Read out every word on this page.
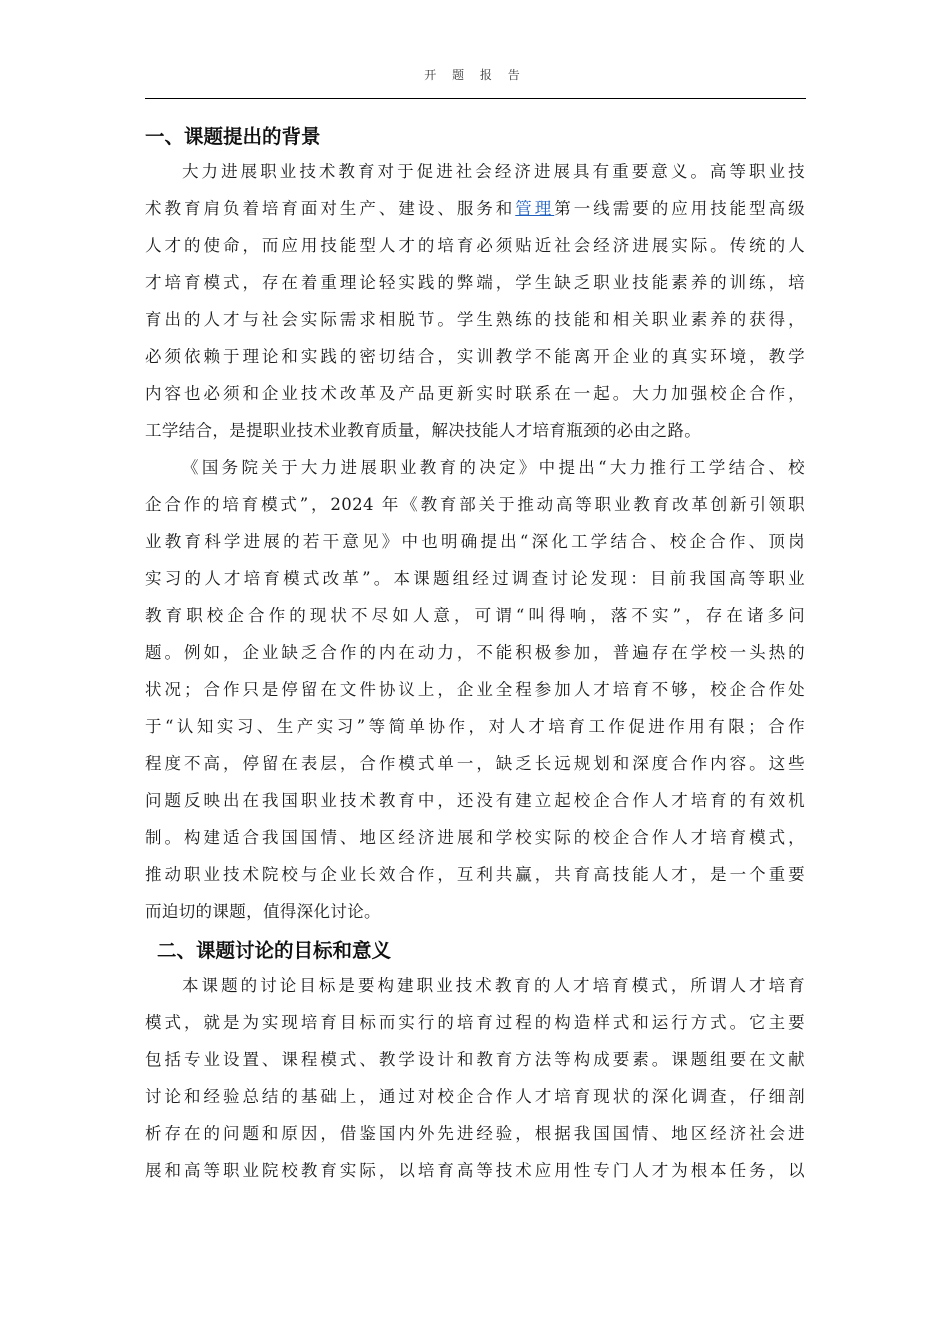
开 题 报 告
一、课题提出的背景
大力进展职业技术教育对于促进社会经济进展具有重要意义。高等职业技
术教育肩负着培育面对生产、建设、服务和管理第一线需要的应用技能型高级
人才的使命，而应用技能型人才的培育必须贴近社会经济进展实际。传统的人
才培育模式，存在着重理论轻实践的弊端，学生缺乏职业技能素养的训练，培
育出的人才与社会实际需求相脱节。学生熟练的技能和相关职业素养的获得，
必须依赖于理论和实践的密切结合，实训教学不能离开企业的真实环境，教学
内容也必须和企业技术改革及产品更新实时联系在一起。大力加强校企合作，
工学结合，是提职业技术业教育质量，解决技能人才培育瓶颈的必由之路。
《国务院关于大力进展职业教育的决定》中提出“大力推行工学结合、校
企合作的培育模式”，2024 年《教育部关于推动高等职业教育改革创新引领职
业教育科学进展的若干意见》中也明确提出“深化工学结合、校企合作、顶岗
实习的人才培育模式改革”。本课题组经过调查讨论发现：目前我国高等职业
教育职校企合作的现状不尽如人意，可谓“叫得响，落不实”，存在诸多问
题。例如，企业缺乏合作的内在动力，不能积极参加，普遍存在学校一头热的
状况；合作只是停留在文件协议上，企业全程参加人才培育不够，校企合作处
于“认知实习、生产实习”等简单协作，对人才培育工作促进作用有限；合作
程度不高，停留在表层，合作模式单一，缺乏长远规划和深度合作内容。这些
问题反映出在我国职业技术教育中，还没有建立起校企合作人才培育的有效机
制。构建适合我国国情、地区经济进展和学校实际的校企合作人才培育模式，
推动职业技术院校与企业长效合作，互利共赢，共育高技能人才，是一个重要
而迫切的课题，值得深化讨论。
二、课题讨论的目标和意义
本课题的讨论目标是要构建职业技术教育的人才培育模式，所谓人才培育
模式，就是为实现培育目标而实行的培育过程的构造样式和运行方式。它主要
包括专业设置、课程模式、教学设计和教育方法等构成要素。课题组要在文献
讨论和经验总结的基础上，通过对校企合作人才培育现状的深化调查，仔细剖
析存在的问题和原因，借鉴国内外先进经验，根据我国国情、地区经济社会进
展和高等职业院校教育实际，以培育高等技术应用性专门人才为根本任务，以
